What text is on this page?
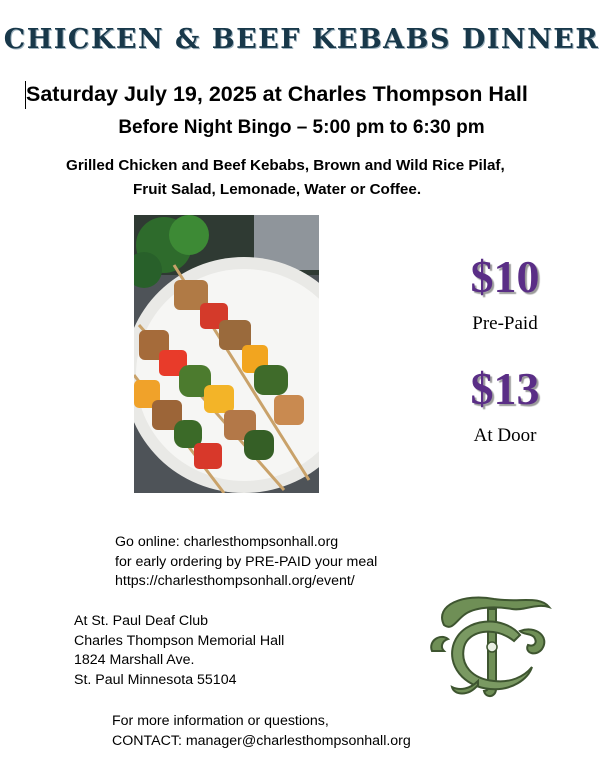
CHICKEN & BEEF KEBABS DINNER
Saturday July 19, 2025 at Charles Thompson Hall
Before Night Bingo – 5:00 pm to 6:30 pm
Grilled Chicken and Beef Kebabs, Brown and Wild Rice Pilaf,
Fruit Salad, Lemonade, Water or Coffee.
$10
Pre-Paid
$13
At Door
Go online: charlesthompsonhall.org
for early ordering by PRE-PAID your meal
https://charlesthompsonhall.org/event/
At St. Paul Deaf Club
Charles Thompson Memorial Hall
1824 Marshall Ave.
St. Paul Minnesota 55104
For more information or questions,
CONTACT: manager@charlesthompsonhall.org
